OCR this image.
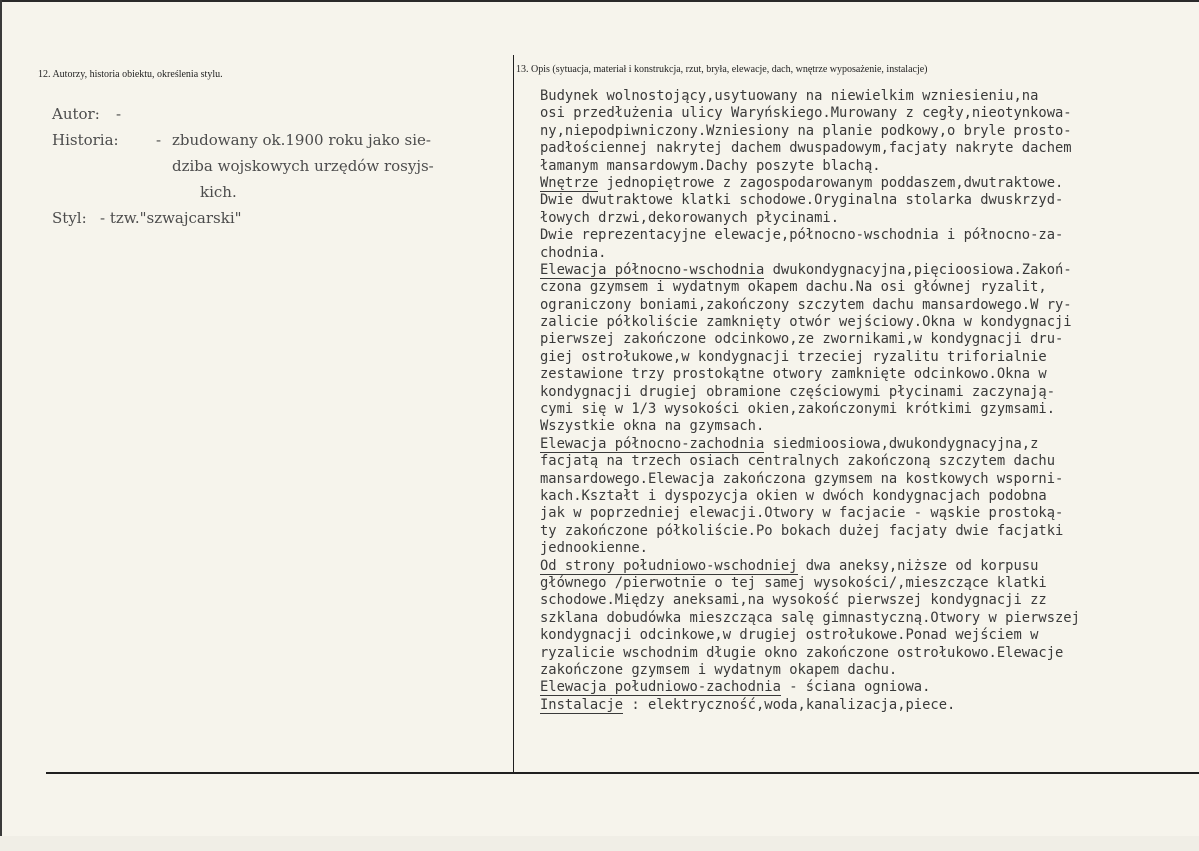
12. Autorzy, historia obiektu, określenia stylu.	13. Opis (sytuacja, materiał i konstrukcja, rzut, bryła, elewacje, dach, wnętrze wyposażenie, instalacje)
Autor: -
Historia: - zbudowany ok.1900 roku jako sie-
dziba wojskowych urzędów rosyjs-
kich.
Styl: - tzw."szwajcarski"
Budynek wolnostojący,usytuowany na niewielkim wzniesieniu,na
osi przedłużenia ulicy Waryńskiego.Murowany z cegły,nieotynkowa-
ny,niepodpiwniczony.Wzniesiony na planie podkowy,o bryle prosto-
padłościennej nakrytej dachem dwuspadowym,facjaty nakryte dachem
łamanym mansardowym.Dachy poszyte blachą.
Wnętrze jednopiętrowe z zagospodarowanym poddaszem,dwutraktowe.
Dwie dwutraktowe klatki schodowe.Oryginalna stolarka dwuskrzyd-
łowych drzwi,dekorowanych płycinami.
Dwie reprezentacyjne elewacje,północno-wschodnia i północno-za-
chodnia.
Elewacja północno-wschodnia dwukondygnacyjna,pięcioosiowa.Zakoń-
czona gzymsem i wydatnym okapem dachu.Na osi głównej ryzalit,
ograniczony boniami,zakończony szczytem dachu mansardowego.W ry-
zalicie półkoliście zamknięty otwór wejściowy.Okna w kondygnacji
pierwszej zakończone odcinkowo,ze zwornikami,w kondygnacji dru-
giej ostrołukowe,w kondygnacji trzeciej ryzalitu triforialnie
zestawione trzy prostokątne otwory zamknięte odcinkowo.Okna w
kondygnacji drugiej obramione częściowymi płycinami zaczynają-
cymi się w 1/3 wysokości okien,zakończonymi krótkimi gzymsami.
Wszystkie okna na gzymsach.
Elewacja północno-zachodnia siedmioosiowa,dwukondygnacyjna,z
facjatą na trzech osiach centralnych zakończoną szczytem dachu
mansardowego.Elewacja zakończona gzymsem na kostkowych wsporni-
kach.Kształt i dyspozycja okien w dwóch kondygnacjach podobna
jak w poprzedniej elewacji.Otwory w facjacie - wąskie prostoką-
ty zakończone półkoliście.Po bokach dużej facjaty dwie facjatki
jednookienne.
Od strony południowo-wschodniej dwa aneksy,niższe od korpusu
głównego /pierwotnie o tej samej wysokości/,mieszczące klatki
schodowe.Między aneksami,na wysokość pierwszej kondygnacji zz
szklana dobudówka mieszcząca salę gimnastyczną.Otwory w pierwszej
kondygnacji odcinkowe,w drugiej ostrołukowe.Ponad wejściem w
ryzalicie wschodnim długie okno zakończone ostrołukowo.Elewacje
zakończone gzymsem i wydatnym okapem dachu.
Elewacja południowo-zachodnia - ściana ogniowa.
Instalacje : elektryczność,woda,kanalizacja,piece.
